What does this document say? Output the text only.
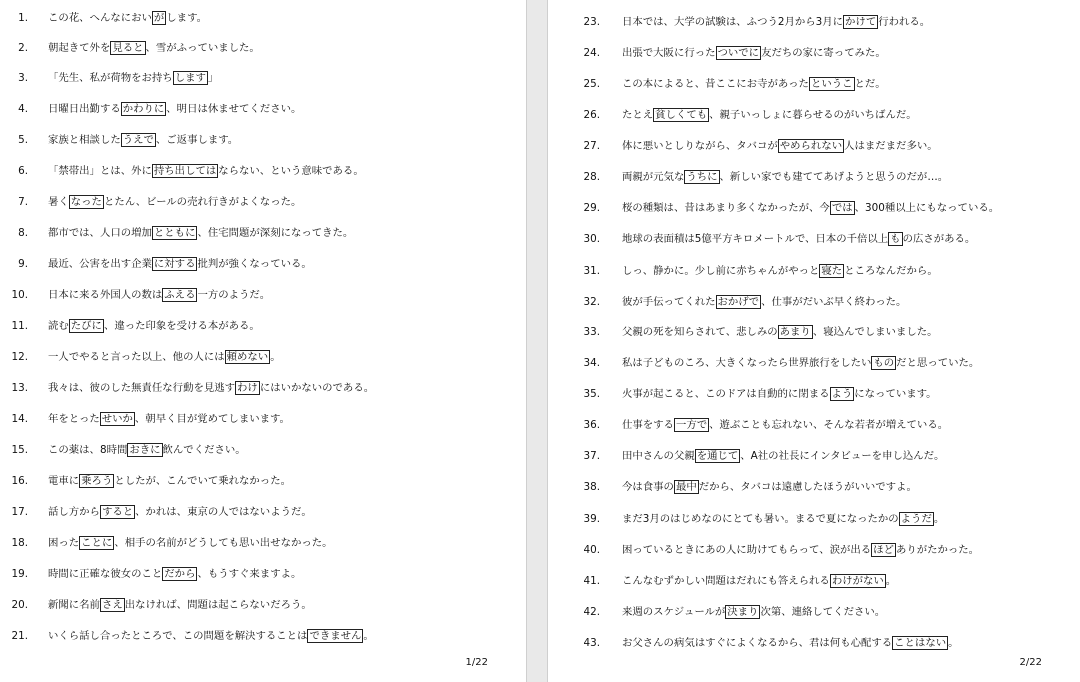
1. この花、へんなにおい が します。
2. 朝起きて外を 見ると 、雪がふっていました。
3. 「先生、私が荷物をお持ち します 」
4. 日曜日出勤する かわりに 、明日は休ませてください。
5. 家族と相談した うえで 、ご返事します。
6. 「禁帯出」とは、外に 持ち出しては ならない、という意味である。
7. 暑く なった とたん、ビールの売れ行きがよくなった。
8. 都市では、人口の増加 とともに 、住宅問題が深刻になってきた。
9. 最近、公害を出す企業 に対する 批判が強くなっている。
10. 日本に来る外国人の数は ふえる 一方のようだ。
11. 読む たびに 、違った印象を受ける本がある。
12. 一人でやると言った以上、他の人には 頼めない 。
13. 我々は、彼のした無責任な行動を見逃す わけ にはいかないのである。
14. 年をとった せいか 、朝早く目が覚めてしまいます。
15. この薬は、8時間 おきに 飲んでください。
16. 電車に 乗ろう としたが、こんでいて乗れなかった。
17. 話し方から すると 、かれは、東京の人ではないようだ。
18. 困った ことに 、相手の名前がどうしても思い出せなかった。
19. 時間に正確な彼女のこと だから 、もうすぐ来ますよ。
20. 新聞に名前 さえ 出なければ、問題は起こらないだろう。
21. いくら話し合ったところで、この問題を解決することは できません 。
1/22
23. 日本では、大学の試験は、ふつう2月から3月に かけて 行われる。
24. 出張で大阪に行った ついでに 友だちの家に寄ってみた。
25. この本によると、昔ここにお寺があった というこ とだ。
26. たとえ 貧しくても 、親子いっしょに暮らせるのがいちばんだ。
27. 体に悪いとしりながら、タバコが やめられない 人はまだまだ多い。
28. 両親が元気な うちに 、新しい家でも建ててあげようと思うのだが…。
29. 桜の種類は、昔はあまり多くなかったが、今 では 、300種以上にもなっている。
30. 地球の表面積は5億平方キロメートルで、日本の千倍以上 も の広さがある。
31. しっ、静かに。少し前に赤ちゃんがやっと 寝た ところなんだから。
32. 彼が手伝ってくれた おかげで 、仕事がだいぶ早く終わった。
33. 父親の死を知らされて、悲しみの あまり 、寝込んでしまいました。
34. 私は子どものころ、大きくなったら世界旅行をしたい もの だと思っていた。
35. 火事が起こると、このドアは自動的に閉まる よう になっています。
36. 仕事をする 一方で 、遊ぶことも忘れない、そんな若者が増えている。
37. 田中さんの父親 を通じて 、A社の社長にインタビューを申し込んだ。
38. 今は食事の 最中 だから、タバコは遠慮したほうがいいですよ。
39. まだ3月のはじめなのにとても暑い。まるで夏になったかの ようだ 。
40. 困っているときにあの人に助けてもらって、涙が出る ほど ありがたかった。
41. こんなむずかしい問題はだれにも答えられる わけがない 。
42. 来週のスケジュールが 決まり 次第、連絡してください。
43. お父さんの病気はすぐによくなるから、君は何も心配する ことはない 。
2/22
